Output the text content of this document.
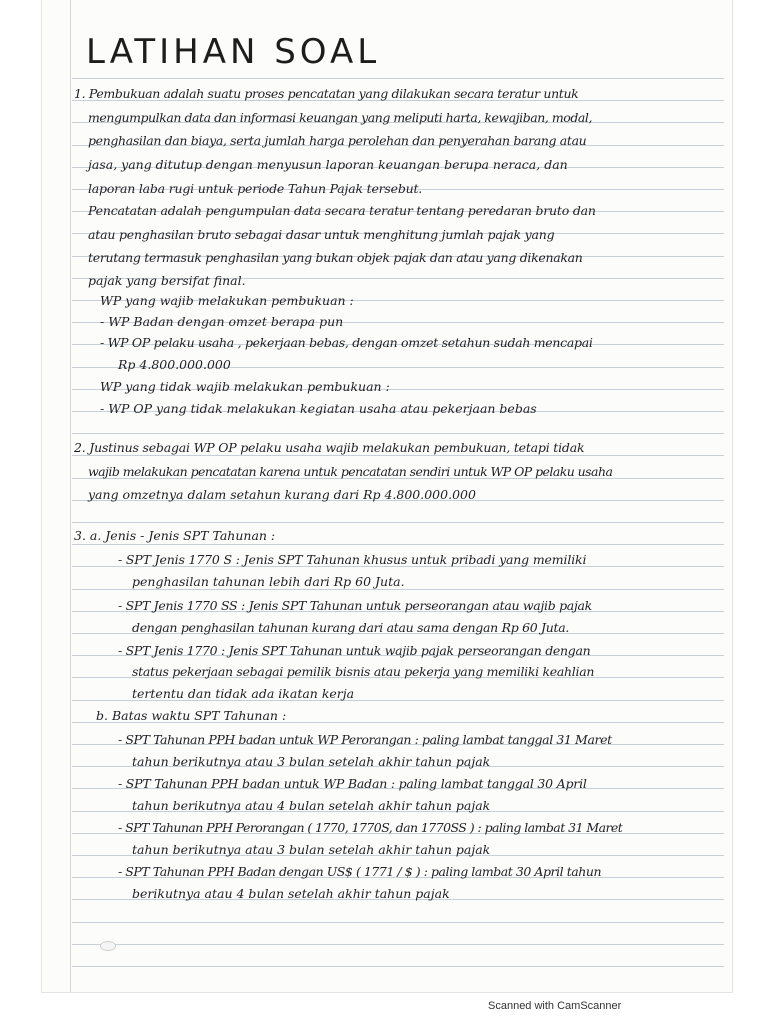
LATIHAN SOAL
1. Pembukuan adalah suatu proses pencatatan yang dilakukan secara teratur untuk
mengumpulkan data dan informasi keuangan yang meliputi harta, kewajiban, modal,
penghasilan dan biaya, serta jumlah harga perolehan dan penyerahan barang atau
jasa, yang ditutup dengan menyusun laporan keuangan berupa neraca, dan
laporan laba rugi untuk periode Tahun Pajak tersebut.
Pencatatan adalah pengumpulan data secara teratur tentang peredaran bruto dan
atau penghasilan bruto sebagai dasar untuk menghitung jumlah pajak yang
terutang termasuk penghasilan yang bukan objek pajak dan atau yang dikenakan
pajak yang bersifat final.
WP yang wajib melakukan pembukuan :
- WP Badan dengan omzet berapa pun
- WP OP pelaku usaha , pekerjaan bebas, dengan omzet setahun sudah mencapai
Rp 4.800.000.000
WP yang tidak wajib melakukan pembukuan :
- WP OP yang tidak melakukan kegiatan usaha atau pekerjaan bebas
2. Justinus sebagai WP OP pelaku usaha wajib melakukan pembukuan, tetapi tidak
wajib melakukan pencatatan karena untuk pencatatan sendiri untuk WP OP pelaku usaha
yang omzetnya dalam setahun kurang dari Rp 4.800.000.000
3. a. Jenis - Jenis SPT Tahunan :
- SPT Jenis 1770 S : Jenis SPT Tahunan khusus untuk pribadi yang memiliki
penghasilan tahunan lebih dari Rp 60 Juta.
- SPT Jenis 1770 SS : Jenis SPT Tahunan untuk perseorangan atau wajib pajak
dengan penghasilan tahunan kurang dari atau sama dengan Rp 60 Juta.
- SPT Jenis 1770 : Jenis SPT Tahunan untuk wajib pajak perseorangan dengan
status pekerjaan sebagai pemilik bisnis atau pekerja yang memiliki keahlian
tertentu dan tidak ada ikatan kerja
b. Batas waktu SPT Tahunan :
- SPT Tahunan PPH badan untuk WP Perorangan : paling lambat tanggal 31 Maret
tahun berikutnya atau 3 bulan setelah akhir tahun pajak
- SPT Tahunan PPH badan untuk WP Badan : paling lambat tanggal 30 April
tahun berikutnya atau 4 bulan setelah akhir tahun pajak
- SPT Tahunan PPH Perorangan ( 1770, 1770S, dan 1770SS ) : paling lambat 31 Maret
tahun berikutnya atau 3 bulan setelah akhir tahun pajak
- SPT Tahunan PPH Badan dengan US$ ( 1771 / $ ) : paling lambat 30 April tahun
berikutnya atau 4 bulan setelah akhir tahun pajak
Scanned with CamScanner
